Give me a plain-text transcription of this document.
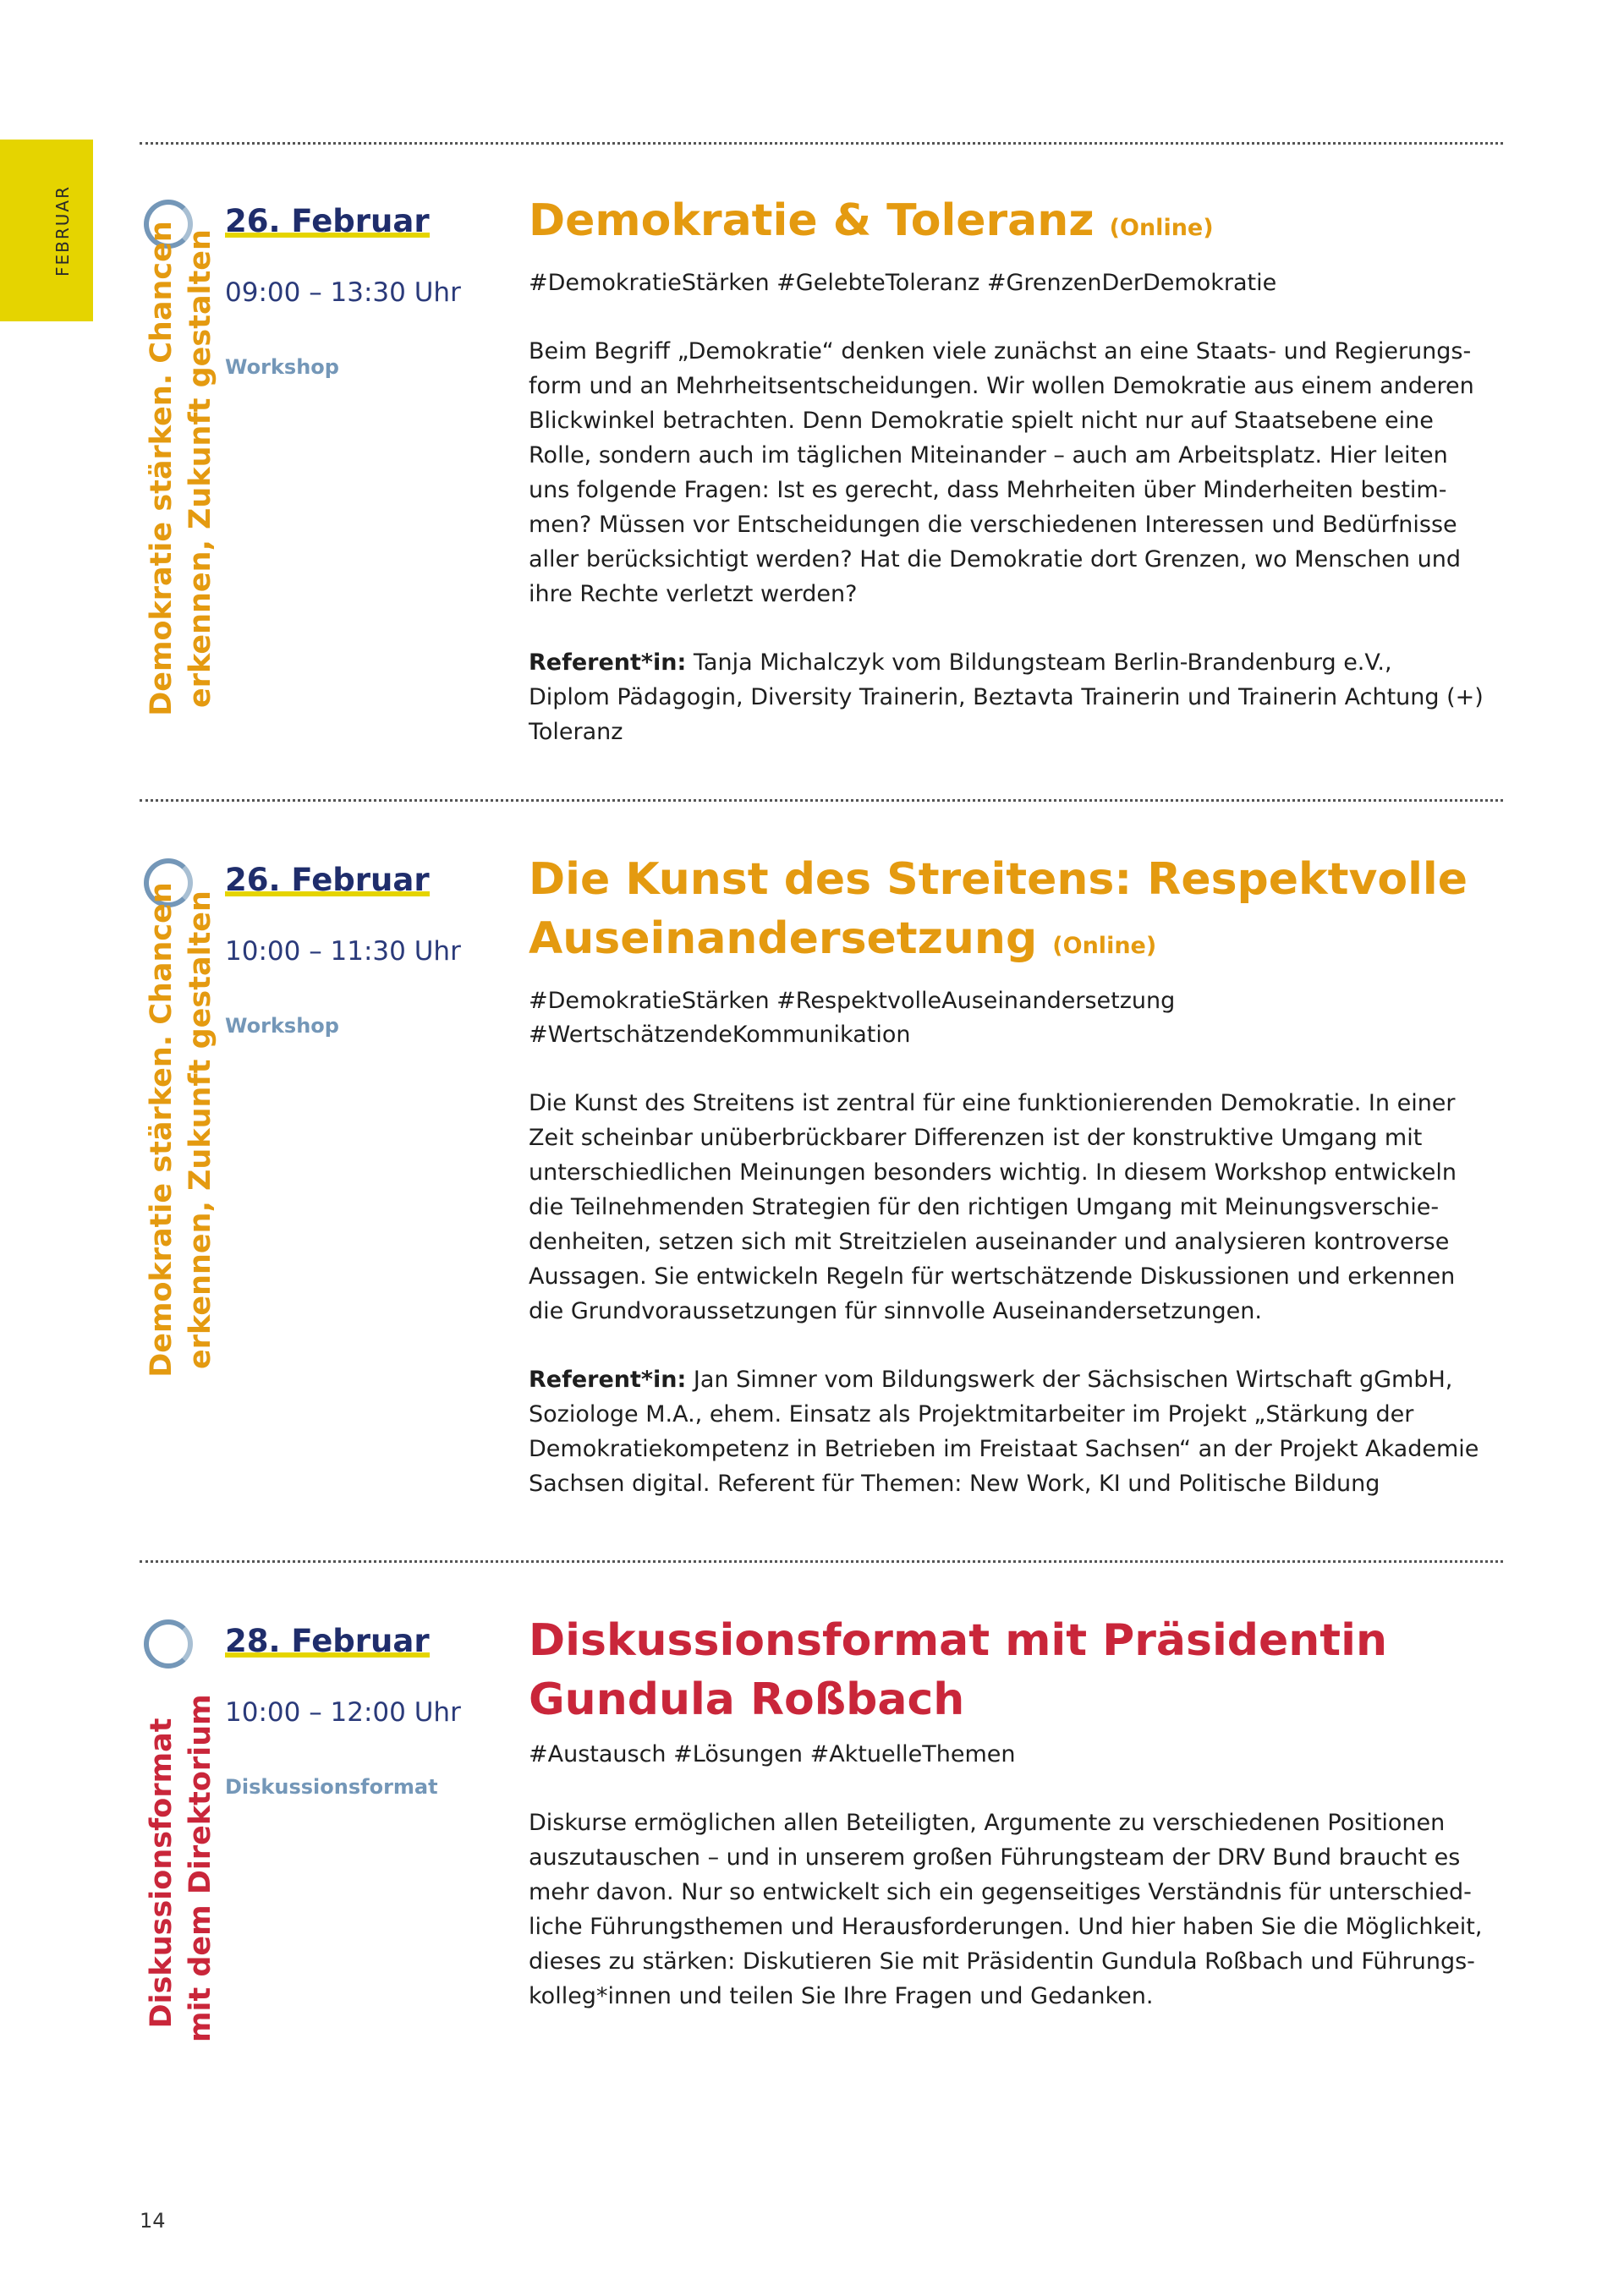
FEBRUAR Demokratie stärken. Chancen erkennen, Zukunft gestalten
26. Februar
09:00 – 13:30 Uhr
Workshop
Demokratie & Toleranz (Online)
#DemokratieStärken #GelebteToleranz #GrenzenDerDemokratie

Beim Begriff „Demokratie“ denken viele zunächst an eine Staats- und Regierungs-

form und an Mehrheitsentscheidungen. Wir wollen Demokratie aus einem anderen

Blickwinkel betrachten. Denn Demokratie spielt nicht nur auf Staatsebene eine

Rolle, sondern auch im täglichen Miteinander – auch am Arbeitsplatz. Hier leiten

uns folgende Fragen: Ist es gerecht, dass Mehrheiten über Minderheiten bestim-

men? Müssen vor Entscheidungen die verschiedenen Interessen und Bedürfnisse

aller berücksichtigt werden? Hat die Demokratie dort Grenzen, wo Menschen und

ihre Rechte verletzt werden?

Referent*in: Tanja Michalczyk vom Bildungsteam Berlin-Brandenburg e.V.,

Diplom Pädagogin, Diversity Trainerin, Beztavta Trainerin und Trainerin Achtung (+)

Toleranz

Demokratie stärken. Chancen erkennen, Zukunft gestalten
26. Februar
10:00 – 11:30 Uhr
Workshop
Die Kunst des Streitens: Respektvolle
Auseinandersetzung (Online)
#DemokratieStärken #RespektvolleAuseinandersetzung
#WertschätzendeKommunikation

Die Kunst des Streitens ist zentral für eine funktionierenden Demokratie. In einer

Zeit scheinbar unüberbrückbarer Differenzen ist der konstruktive Umgang mit

unterschiedlichen Meinungen besonders wichtig. In diesem Workshop entwickeln

die Teilnehmenden Strategien für den richtigen Umgang mit Meinungsverschie-

denheiten, setzen sich mit Streitzielen auseinander und analysieren kontroverse

Aussagen. Sie entwickeln Regeln für wertschätzende Diskussionen und erkennen

die Grundvoraussetzungen für sinnvolle Auseinandersetzungen.

Referent*in: Jan Simner vom Bildungswerk der Sächsischen Wirtschaft gGmbH,

Soziologe M.A., ehem. Einsatz als Projektmitarbeiter im Projekt „Stärkung der

Demokratiekompetenz in Betrieben im Freistaat Sachsen“ an der Projekt Akademie

Sachsen digital. Referent für Themen: New Work, KI und Politische Bildung

Diskussionsformat mit dem Direktorium
28. Februar
10:00 – 12:00 Uhr
Diskussionsformat
Diskussionsformat mit Präsidentin
Gundula Roßbach
#Austausch #Lösungen #AktuelleThemen

Diskurse ermöglichen allen Beteiligten, Argumente zu verschiedenen Positionen

auszutauschen – und in unserem großen Führungsteam der DRV Bund braucht es

mehr davon. Nur so entwickelt sich ein gegenseitiges Verständnis für unterschied-

liche Führungsthemen und Herausforderungen. Und hier haben Sie die Möglichkeit,

dieses zu stärken: Diskutieren Sie mit Präsidentin Gundula Roßbach und Führungs-

kolleg*innen und teilen Sie Ihre Fragen und Gedanken.

14
